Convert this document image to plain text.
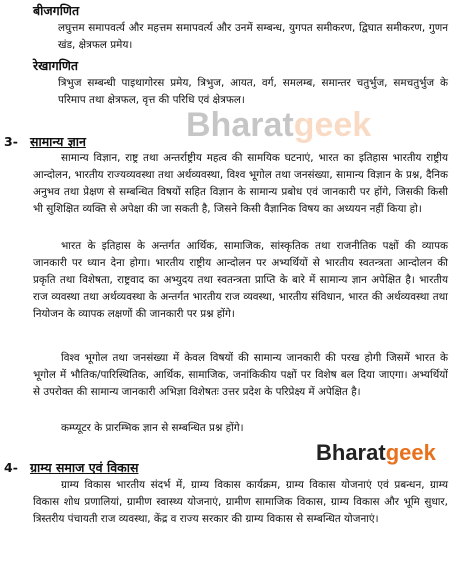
Bharatgeek
बीजगणित
लघुत्तम समापवर्त्य और महत्तम समापवर्त्य और उनमें सम्बन्ध, युगपत समीकरण, द्विघात समीकरण, गुणन खंड, क्षेत्रफल प्रमेय।
रेखागणित
त्रिभुज सम्बन्धी पाइथागोरस प्रमेय, त्रिभुज, आयत, वर्ग, समलम्ब, समान्तर चतुर्भुज, समचतुर्भुज के परिमाप तथा क्षेत्रफल, वृत्त की परिधि एवं क्षेत्रफल।
3- सामान्य ज्ञान
सामान्य विज्ञान, राष्ट्र तथा अन्तर्राष्ट्रीय महत्व की सामयिक घटनाएं, भारत का इतिहास भारतीय राष्ट्रीय आन्दोलन, भारतीय राज्यव्यवस्था तथा अर्थव्यवस्था, विश्व भूगोल तथा जनसंख्या, सामान्य विज्ञान के प्रश्न, दैनिक अनुभव तथा प्रेक्षण से सम्बन्धित विषयों सहित विज्ञान के सामान्य प्रबोध एवं जानकारी पर होंगे, जिसकी किसी भी सुशिक्षित व्यक्ति से अपेक्षा की जा सकती है, जिसने किसी वैज्ञानिक विषय का अध्ययन नहीं किया हो।
भारत के इतिहास के अन्तर्गत आर्थिक, सामाजिक, सांस्कृतिक तथा राजनीतिक पक्षों की व्यापक जानकारी पर ध्यान देना होगा। भारतीय राष्ट्रीय आन्दोलन पर अभ्यर्थियों से भारतीय स्वतन्त्रता आन्दोलन की प्रकृति तथा विशेषता, राष्ट्रवाद का अभ्युदय तथा स्वतन्त्रता प्राप्ति के बारे में सामान्य ज्ञान अपेक्षित है। भारतीय राज व्यवस्था तथा अर्थव्यवस्था के अन्तर्गत भारतीय राज व्यवस्था, भारतीय संविधान, भारत की अर्थव्यवस्था तथा नियोजन के व्यापक लक्षणों की जानकारी पर प्रश्न होंगे।
विश्व भूगोल तथा जनसंख्या में केवल विषयों की सामान्य जानकारी की परख होगी जिसमें भारत के भूगोल में भौतिक/पारिस्थितिक, आर्थिक, सामाजिक, जनांकिकीय पक्षों पर विशेष बल दिया जाएगा। अभ्यर्थियों से उपरोक्त की सामान्य जानकारी अभिज्ञा विशेषतः उत्तर प्रदेश के परिप्रेक्ष्य में अपेक्षित है।
कम्प्यूटर के प्रारम्भिक ज्ञान से सम्बन्धित प्रश्न होंगे।
Bharatgeek
4- ग्राम्य समाज एवं विकास
ग्राम्य विकास भारतीय संदर्भ में, ग्राम्य विकास कार्यक्रम, ग्राम्य विकास योजनाएं एवं प्रबन्धन, ग्राम्य विकास शोध प्रणालियां, ग्रामीण स्वास्थ्य योजनाएं, ग्रामीण सामाजिक विकास, ग्राम्य विकास और भूमि सुधार, त्रिस्तरीय पंचायती राज व्यवस्था, केंद्र व राज्य सरकार की ग्राम्य विकास से सम्बन्धित योजनाएं।
